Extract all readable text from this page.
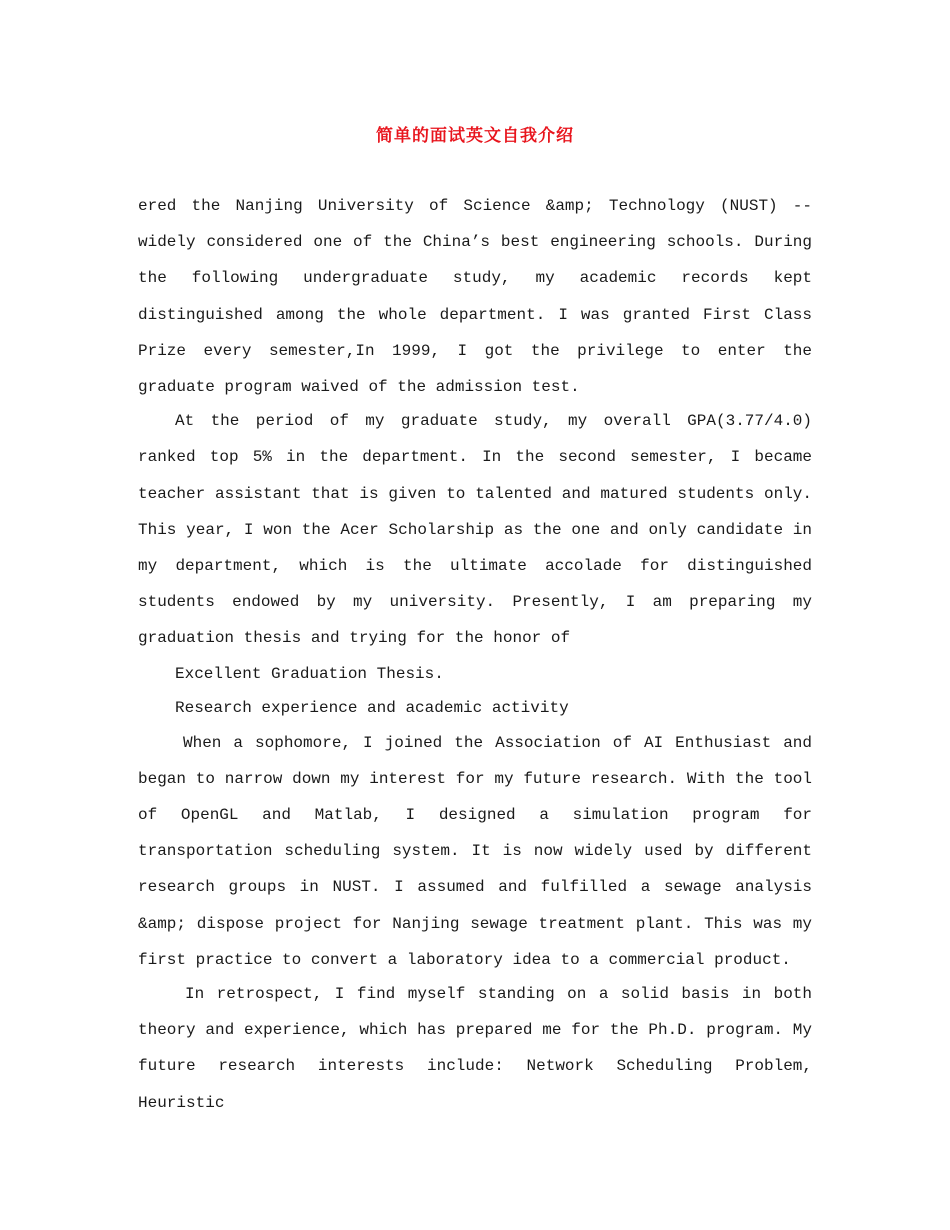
简单的面试英文自我介绍

ered the Nanjing University of Science &amp; Technology (NUST) -- widely considered one of the China’s best engineering schools. During the following undergraduate study, my academic records kept distinguished among the whole department. I was granted First Class Prize every semester,In 1999, I got the privilege to enter the graduate program waived of the admission test.

At the period of my graduate study, my overall GPA(3.77/4.0) ranked top 5% in the department. In the second semester, I became teacher assistant that is given to talented and matured students only. This year, I won the Acer Scholarship as the one and only candidate in my department, which is the ultimate accolade for distinguished students endowed by my university. Presently, I am preparing my graduation thesis and trying for the honor of

Excellent Graduation Thesis.

Research experience and academic activity

When a sophomore, I joined the Association of AI Enthusiast and began to narrow down my interest for my future research. With the tool of OpenGL and Matlab, I designed a simulation program for transportation scheduling system. It is now widely used by different research groups in NUST. I assumed and fulfilled a sewage analysis &amp; dispose project for Nanjing sewage treatment plant. This was my first practice to convert a laboratory idea to a commercial product.

In retrospect, I find myself standing on a solid basis in both theory and experience, which has prepared me for the Ph.D. program. My future research interests include: Network Scheduling Problem, Heuristic
